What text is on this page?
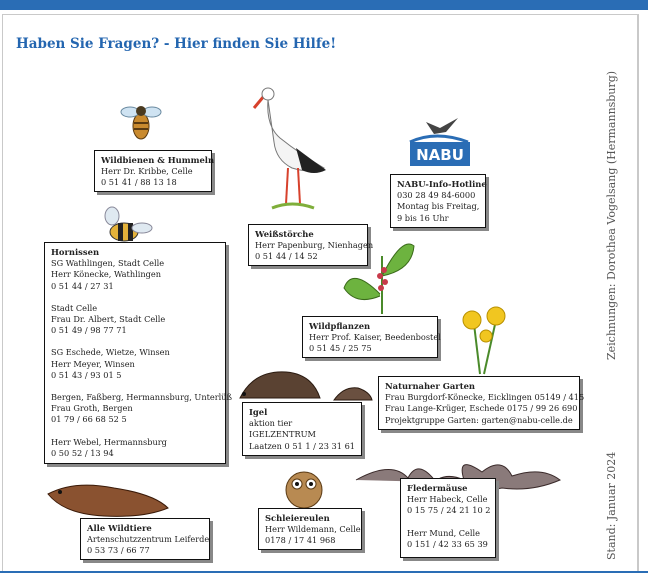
Haben Sie Fragen? - Hier finden Sie Hilfe!
Zeichnungen: Dorothea Vogelsang (Hermannsburg)
Stand: Januar 2024
NABU
Wildbienen & Hummeln
Herr Dr. Kribbe, Celle
0 51 41 / 88 13 18	NABU-Info-Hotline
030 28 49 84-6000
Montag bis Freitag,
9 bis 16 Uhr
Weißstörche
Herr Papenburg, Nienhagen
0 51 44 / 14 52
Hornissen
SG Wathlingen, Stadt Celle
Herr Könecke, Wathlingen
0 51 44 / 27 31
Stadt Celle
Frau Dr. Albert, Stadt Celle
0 51 49 / 98 77 71
SG Eschede, Wietze, Winsen
Herr Meyer, Winsen
0 51 43 / 93 01 5
Bergen, Faßberg, Hermannsburg, Unterlüß
Frau Groth, Bergen
01 79 / 66 68 52 5
Herr Webel, Hermannsburg
0 50 52 / 13 94
Wildpflanzen
Herr Prof. Kaiser, Beedenbostel
0 51 45 / 25 75
Naturnaher Garten
Frau Burgdorf-Könecke, Eicklingen 05149 / 415
Frau Lange-Krüger, Eschede 0175 / 99 26 690
Projektgruppe Garten: garten@nabu-celle.de
Igel
aktion tier
IGELZENTRUM
Laatzen 0 51 1 / 23 31 61
Fledermäuse
Herr Habeck, Celle
0 15 75 / 24 21 10 2
Herr Mund, Celle
0 151 / 42 33 65 39
Schleiereulen
Herr Wildemann, Celle
0178 / 17 41 968
Alle Wildtiere
Artenschutzzentrum Leiferde
0 53 73 / 66 77
